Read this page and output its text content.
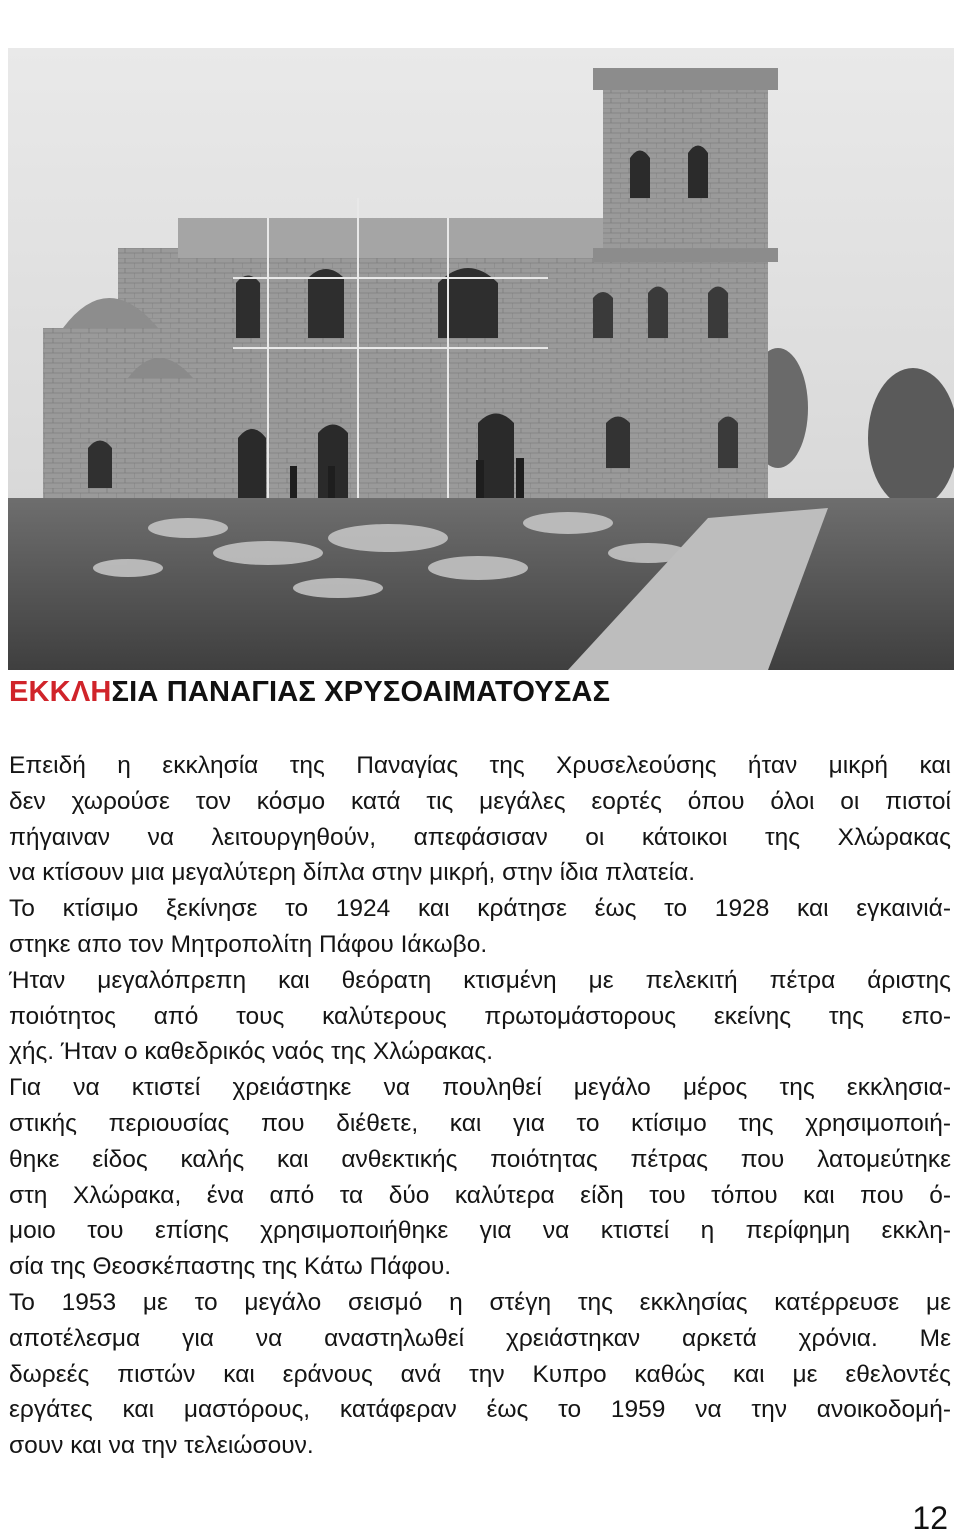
ΕΚΚΛΗΣΙΑ ΠΑΝΑΓΙΑΣ ΧΡΥΣΟΑΙΜΑΤΟΥΣΑΣ

Επειδή η εκκλησία της Παναγίας της Χρυσελεούσης ήταν μικρή και

δεν χωρούσε τον κόσμο κατά τις μεγάλες εορτές όπου όλοι οι πιστοί

πήγαιναν να λειτουργηθούν, απεφάσισαν οι κάτοικοι της Χλώρακας

να κτίσουν μια μεγαλύτερη δίπλα στην μικρή, στην ίδια πλατεία.

Το κτίσιμο ξεκίνησε το 1924 και κράτησε έως το 1928 και εγκαινιά-

στηκε απο τον Μητροπολίτη Πάφου Ιάκωβο.

Ήταν μεγαλόπρεπη και θεόρατη κτισμένη με πελεκιτή πέτρα άριστης

ποιότητος από τους καλύτερους πρωτομάστορους εκείνης της επο-

χής. Ήταν ο καθεδρικός ναός της Χλώρακας.

Για να κτιστεί χρειάστηκε να πουληθεί μεγάλο μέρος της εκκλησια-

στικής περιουσίας που διέθετε, και για το κτίσιμο της χρησιμοποιή-

θηκε είδος καλής και ανθεκτικής ποιότητας πέτρας που λατομεύτηκε

στη Χλώρακα, ένα από τα δύο καλύτερα είδη του τόπου και που ό-

μοιο του επίσης χρησιμοποιήθηκε για να κτιστεί η περίφημη εκκλη-

σία της Θεοσκέπαστης της Κάτω Πάφου.

Το 1953 με το μεγάλο σεισμό η στέγη της εκκλησίας κατέρρευσε με

αποτέλεσμα για να αναστηλωθεί χρειάστηκαν αρκετά χρόνια. Με

δωρεές πιστών και εράνους ανά την Κυπρο καθώς και με εθελοντές

εργάτες και μαστόρους, κατάφεραν έως το 1959 να την ανοικοδομή-

σουν και να την τελειώσουν.

12
